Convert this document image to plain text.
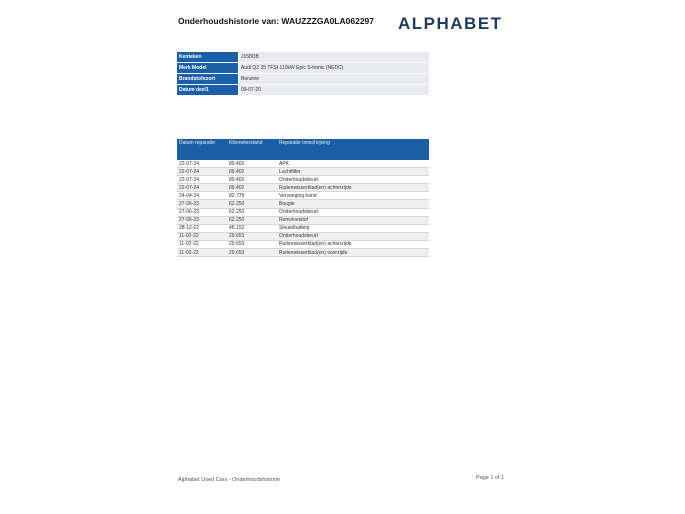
Onderhoudshistorie van: WAUZZZGA0LA062297 ALPHABET
Kenteken	J158DB
Merk Model	Audi Q2 35 TFSI 110kW Epic S-tronic (NEDC)
Brandstofsoort	Benzine
Datum deel1	09-07-20
Datum reparatie	Kilometerstand	Reparatie omschrijving
22-07-24	89.402	APK
22-07-24	89.402	Luchtfilter
22-07-24	89.402	Onderhoudsbeurt
22-07-24	89.402	Ruitenwisserblad(en) achterzijde
24-04-24	82.779	Vervanging band
27-06-23	62.250	Bougie
27-06-23	62.250	Onderhoudsbeurt
27-06-23	62.250	Remvloeistof
28-12-22	48.152	Sleutelbatterij
11-02-22	29.653	Onderhoudsbeurt
11-02-22	29.653	Ruitenwisserblad(en) achterzijde
11-02-22	29.653	Ruitenwisserblad(en) voorzijde
Alphabet Used Cars - Onderhoudshistorie	Page 1 of 1
